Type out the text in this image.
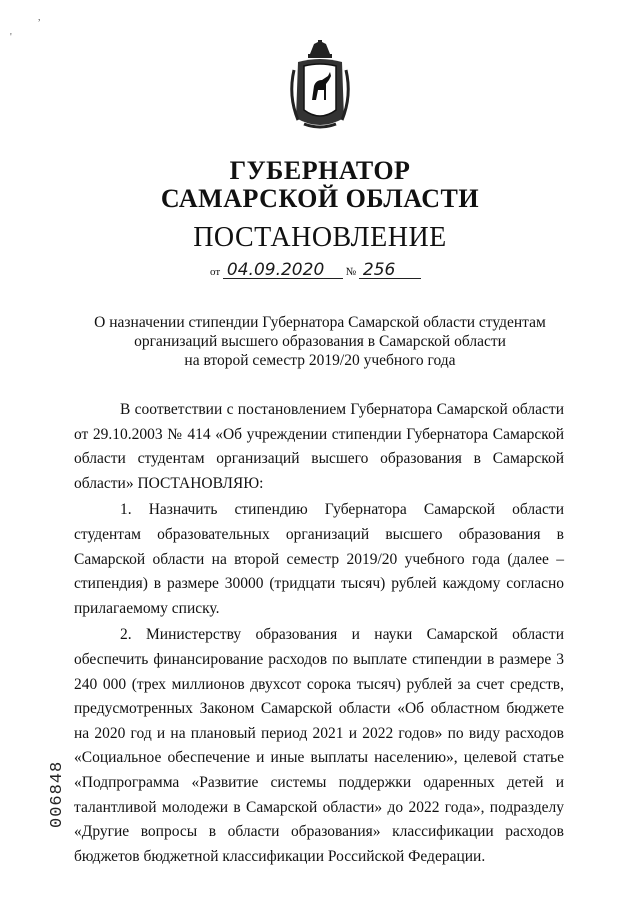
ГУБЕРНАТОР
САМАРСКОЙ ОБЛАСТИ
ПОСТАНОВЛЕНИЕ
от 04.09.2020 № 256
О назначении стипендии Губернатора Самарской области студентам
организаций высшего образования в Самарской области
на второй семестр 2019/20 учебного года

В соответствии с постановлением Губернатора Самарской области от 29.10.2003 № 414 «Об учреждении стипендии Губернатора Самарской области студентам организаций высшего образования в Самарской области» ПОСТАНОВЛЯЮ:

1. Назначить стипендию Губернатора Самарской области студентам образовательных организаций высшего образования в Самарской области на второй семестр 2019/20 учебного года (далее – стипендия) в размере 30000 (тридцати тысяч) рублей каждому согласно прилагаемому списку.

2. Министерству образования и науки Самарской области обеспечить финансирование расходов по выплате стипендии в размере 3 240 000 (трех миллионов двухсот сорока тысяч) рублей за счет средств, предусмотренных Законом Самарской области «Об областном бюджете на 2020 год и на плановый период 2021 и 2022 годов» по виду расходов «Социальное обеспечение и иные выплаты населению», целевой статье «Подпрограмма «Развитие системы поддержки одаренных детей и талантливой молодежи в Самарской области» до 2022 года», подразделу «Другие вопросы в области образования» классификации расходов бюджетов бюджетной классификации Российской Федерации.

006848
,
'
